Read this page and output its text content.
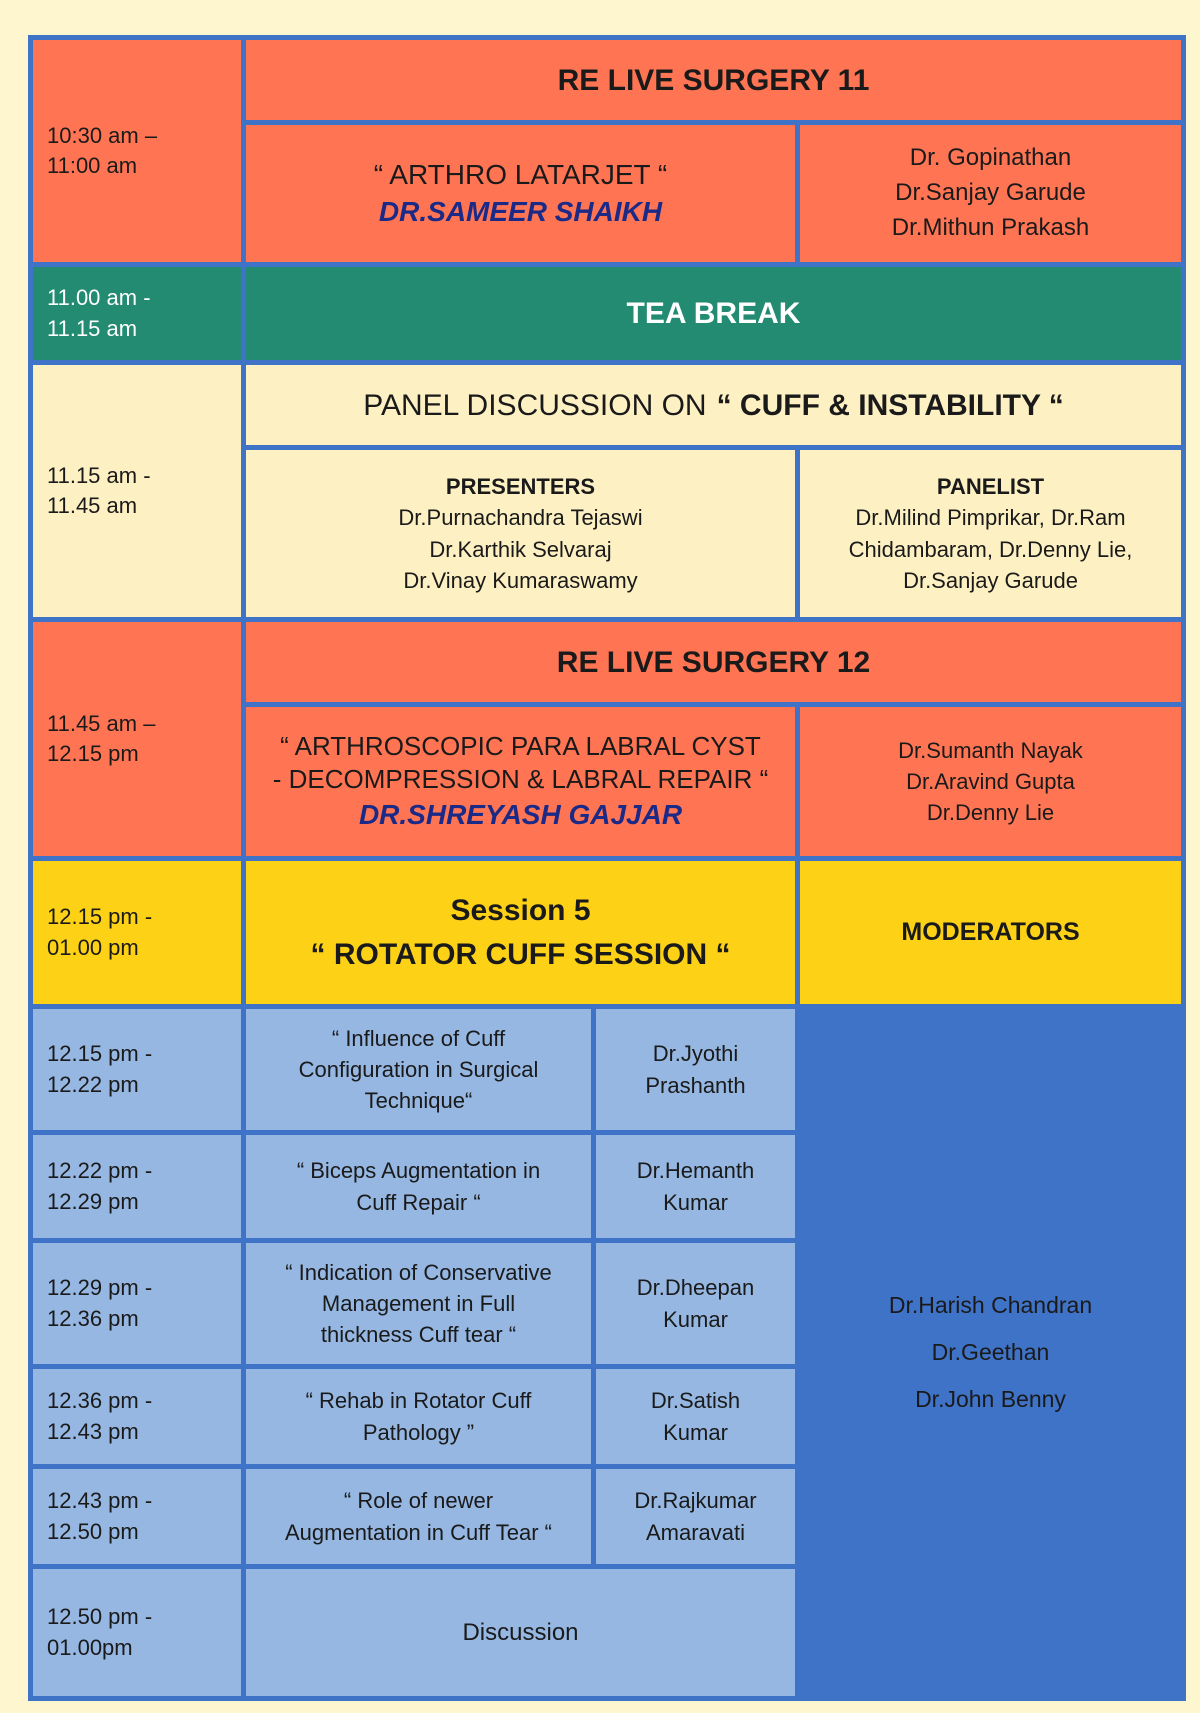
10:30 am –
11:00 am
RE LIVE SURGERY 11
“ ARTHRO LATARJET “
DR.SAMEER SHAIKH
Dr. Gopinathan
Dr.Sanjay Garude
Dr.Mithun Prakash
11.00 am -
11.15 am	TEA BREAK
11.15 am -
11.45 am
PANEL DISCUSSION ON “ CUFF & INSTABILITY “
PRESENTERS
Dr.Purnachandra Tejaswi
Dr.Karthik Selvaraj
Dr.Vinay Kumaraswamy
PANELIST
Dr.Milind Pimprikar, Dr.Ram
Chidambaram, Dr.Denny Lie,
Dr.Sanjay Garude
11.45 am –
12.15 pm
RE LIVE SURGERY 12
“ ARTHROSCOPIC PARA LABRAL CYST
- DECOMPRESSION & LABRAL REPAIR “
DR.SHREYASH GAJJAR
Dr.Sumanth Nayak
Dr.Aravind Gupta
Dr.Denny Lie
12.15 pm -
01.00 pm
Session 5
“ ROTATOR CUFF SESSION “
MODERATORS
Dr.Harish Chandran
Dr.Geethan
Dr.John Benny
12.15 pm -
12.22 pm
“ Influence of Cuff
Configuration in Surgical
Technique“
Dr.Jyothi
Prashanth
12.22 pm -
12.29 pm
“ Biceps Augmentation in
Cuff Repair “
Dr.Hemanth
Kumar
12.29 pm -
12.36 pm
“ Indication of Conservative
Management in Full
thickness Cuff tear “
Dr.Dheepan
Kumar
12.36 pm -
12.43 pm
“ Rehab in Rotator Cuff
Pathology ”
Dr.Satish
Kumar
12.43 pm -
12.50 pm
“ Role of newer
Augmentation in Cuff Tear “
Dr.Rajkumar
Amaravati
12.50 pm -
01.00pm
Discussion
